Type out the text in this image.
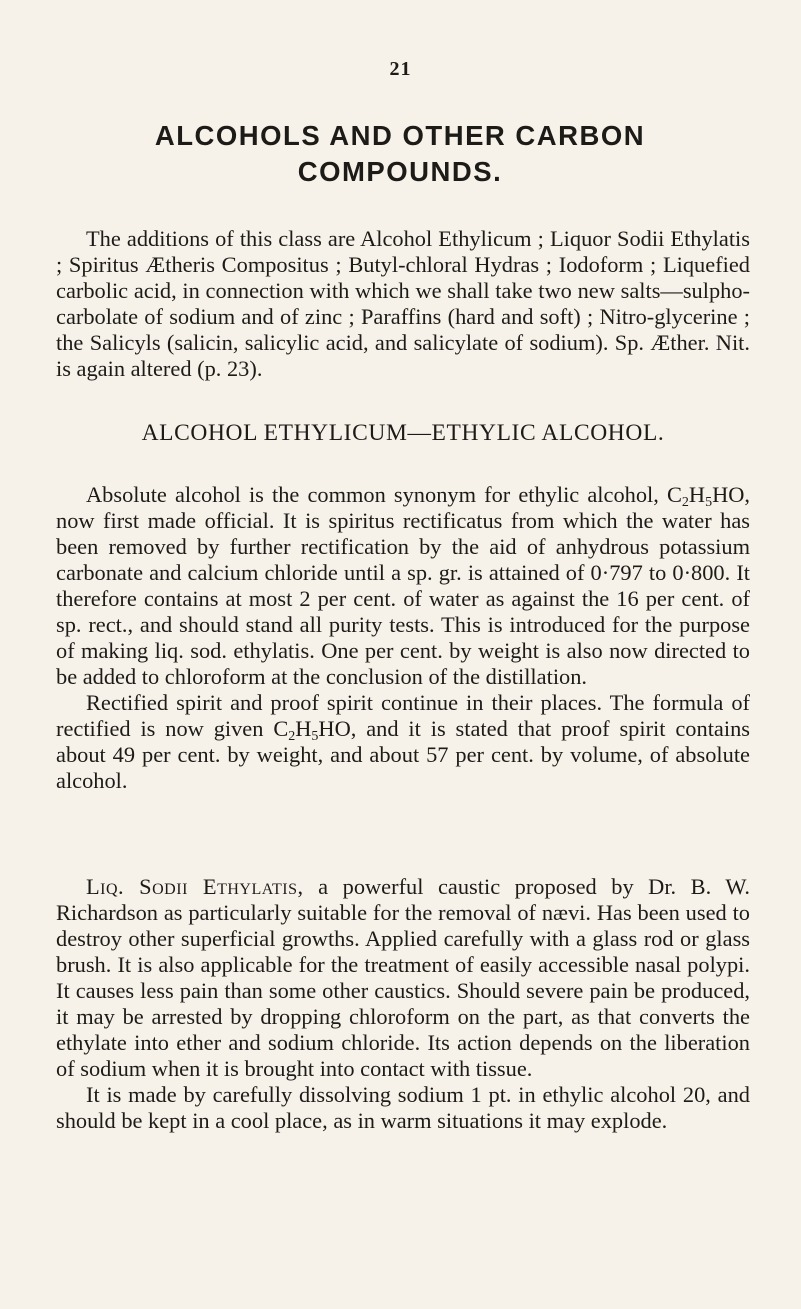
21
ALCOHOLS AND OTHER CARBON
COMPOUNDS.

The additions of this class are Alcohol Ethylicum ; Liquor Sodii Ethylatis ; Spiritus Ætheris Compositus ; Butyl-chloral Hydras ; Iodoform ; Liquefied carbolic acid, in connection with which we shall take two new salts—sulpho-carbolate of sodium and of zinc ; Paraffins (hard and soft) ; Nitro-glycerine ; the Salicyls (salicin, salicylic acid, and salicylate of sodium). Sp. Æther. Nit. is again altered (p. 23).

ALCOHOL ETHYLICUM—ETHYLIC ALCOHOL.

Absolute alcohol is the common synonym for ethylic alcohol, $C_2H_5HO$, now first made official. It is spiritus rectificatus from which the water has been removed by further rectification by the aid of anhydrous potassium carbonate and calcium chloride until a sp. gr. is attained of 0·797 to 0·800. It therefore contains at most 2 per cent. of water as against the 16 per cent. of sp. rect., and should stand all purity tests. This is introduced for the purpose of making liq. sod. ethylatis. One per cent. by weight is also now directed to be added to chloroform at the conclusion of the distillation.

Rectified spirit and proof spirit continue in their places. The formula of rectified is now given $C_2H_5HO$, and it is stated that proof spirit contains about 49 per cent. by weight, and about 57 per cent. by volume, of absolute alcohol.

Liq. Sodii Ethylatis, a powerful caustic proposed by Dr. B. W. Richardson as particularly suitable for the removal of nævi. Has been used to destroy other superficial growths. Applied carefully with a glass rod or glass brush. It is also applicable for the treatment of easily accessible nasal polypi. It causes less pain than some other caustics. Should severe pain be produced, it may be arrested by dropping chloroform on the part, as that converts the ethylate into ether and sodium chloride. Its action depends on the liberation of sodium when it is brought into contact with tissue.

It is made by carefully dissolving sodium 1 pt. in ethylic alcohol 20, and should be kept in a cool place, as in warm situations it may explode.
